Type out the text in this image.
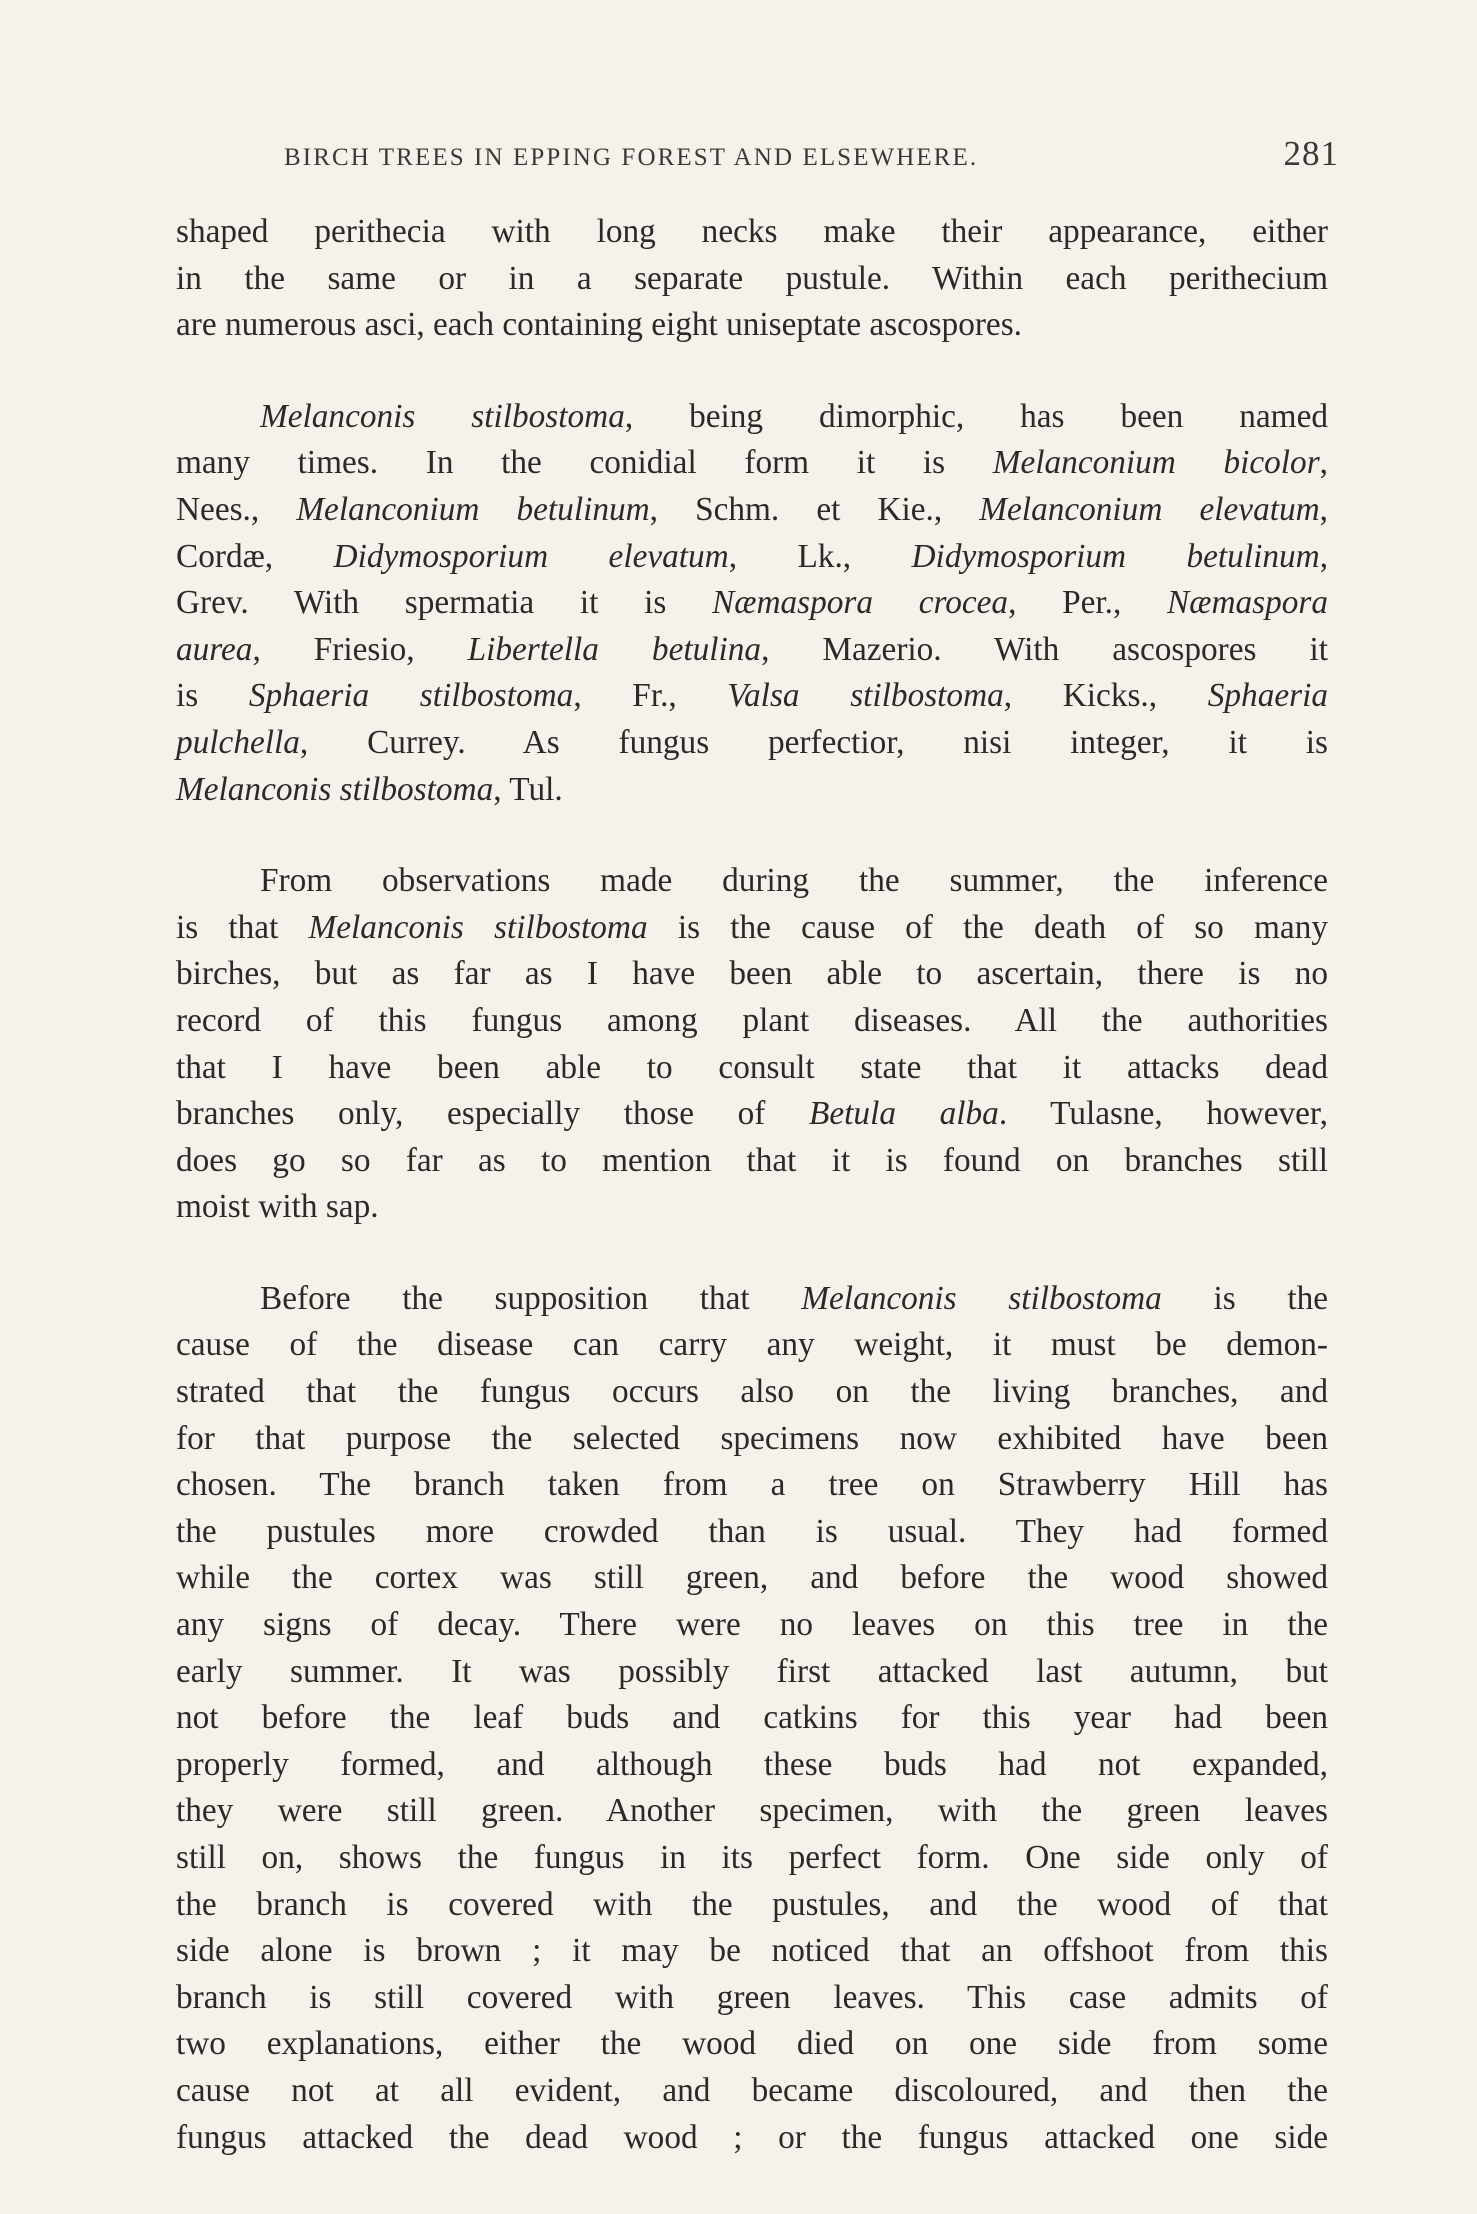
BIRCH TREES IN EPPING FOREST AND ELSEWHERE.	281
shaped perithecia with long necks make their appearance, either
in the same or in a separate pustule. Within each perithecium
are numerous asci, each containing eight uniseptate ascospores.
Melanconis stilbostoma, being dimorphic, has been named
many times. In the conidial form it is Melanconium bicolor,
Nees., Melanconium betulinum, Schm. et Kie., Melanconium elevatum,
Cordæ, Didymosporium elevatum, Lk., Didymosporium betulinum,
Grev. With spermatia it is Næmaspora crocea, Per., Næmaspora
aurea, Friesio, Libertella betulina, Mazerio. With ascospores it
is Sphaeria stilbostoma, Fr., Valsa stilbostoma, Kicks., Sphaeria
pulchella, Currey. As fungus perfectior, nisi integer, it is
Melanconis stilbostoma, Tul.
From observations made during the summer, the inference
is that Melanconis stilbostoma is the cause of the death of so many
birches, but as far as I have been able to ascertain, there is no
record of this fungus among plant diseases. All the authorities
that I have been able to consult state that it attacks dead
branches only, especially those of Betula alba. Tulasne, however,
does go so far as to mention that it is found on branches still
moist with sap.
Before the supposition that Melanconis stilbostoma is the
cause of the disease can carry any weight, it must be demon-
strated that the fungus occurs also on the living branches, and
for that purpose the selected specimens now exhibited have been
chosen. The branch taken from a tree on Strawberry Hill has
the pustules more crowded than is usual. They had formed
while the cortex was still green, and before the wood showed
any signs of decay. There were no leaves on this tree in the
early summer. It was possibly first attacked last autumn, but
not before the leaf buds and catkins for this year had been
properly formed, and although these buds had not expanded,
they were still green. Another specimen, with the green leaves
still on, shows the fungus in its perfect form. One side only of
the branch is covered with the pustules, and the wood of that
side alone is brown ; it may be noticed that an offshoot from this
branch is still covered with green leaves. This case admits of
two explanations, either the wood died on one side from some
cause not at all evident, and became discoloured, and then the
fungus attacked the dead wood ; or the fungus attacked one side
